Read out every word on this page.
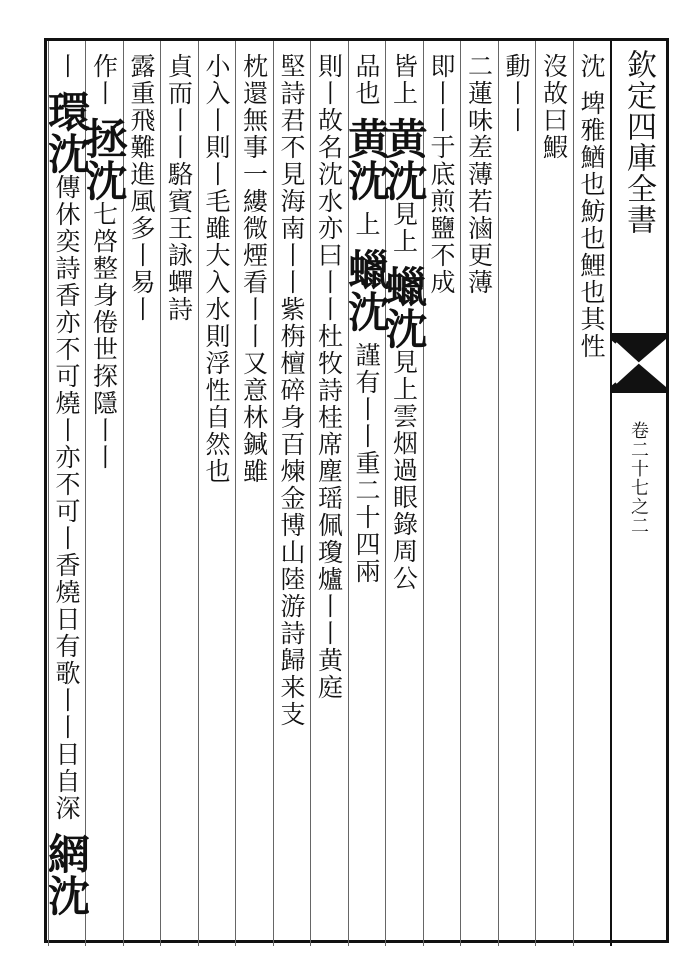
欽定四庫全書
卷二十七之二
沈 埤雅鰌也魴也鯉也其性
沒故曰鰕
動丨丨
二蓮味差薄若滷更薄
即丨丨于底煎鹽不成
皆上 黄沈見上 蠟沈見上雲烟過眼錄周公
品也 黄沈 上 蠟沈 謹有丨丨重二十四兩
則丨故名沈水亦曰丨丨杜牧詩桂席塵瑶佩瓊爐丨丨黄庭
堅詩君不見海南丨丨紫栴檀碎身百煉金博山陸游詩歸来支
枕還無事一縷微煙看丨丨又意林鍼雖
小入丨則丨毛雖大入水則浮性自然也
貞而丨丨駱賓王詠蟬詩
露重飛難進風多丨易丨
作丨 拯沈七啓整身倦世探隱丨丨
丨 環沈傳休奕詩香亦不可燒丨亦不可丨香燒日有歌丨丨日自深 網沈
